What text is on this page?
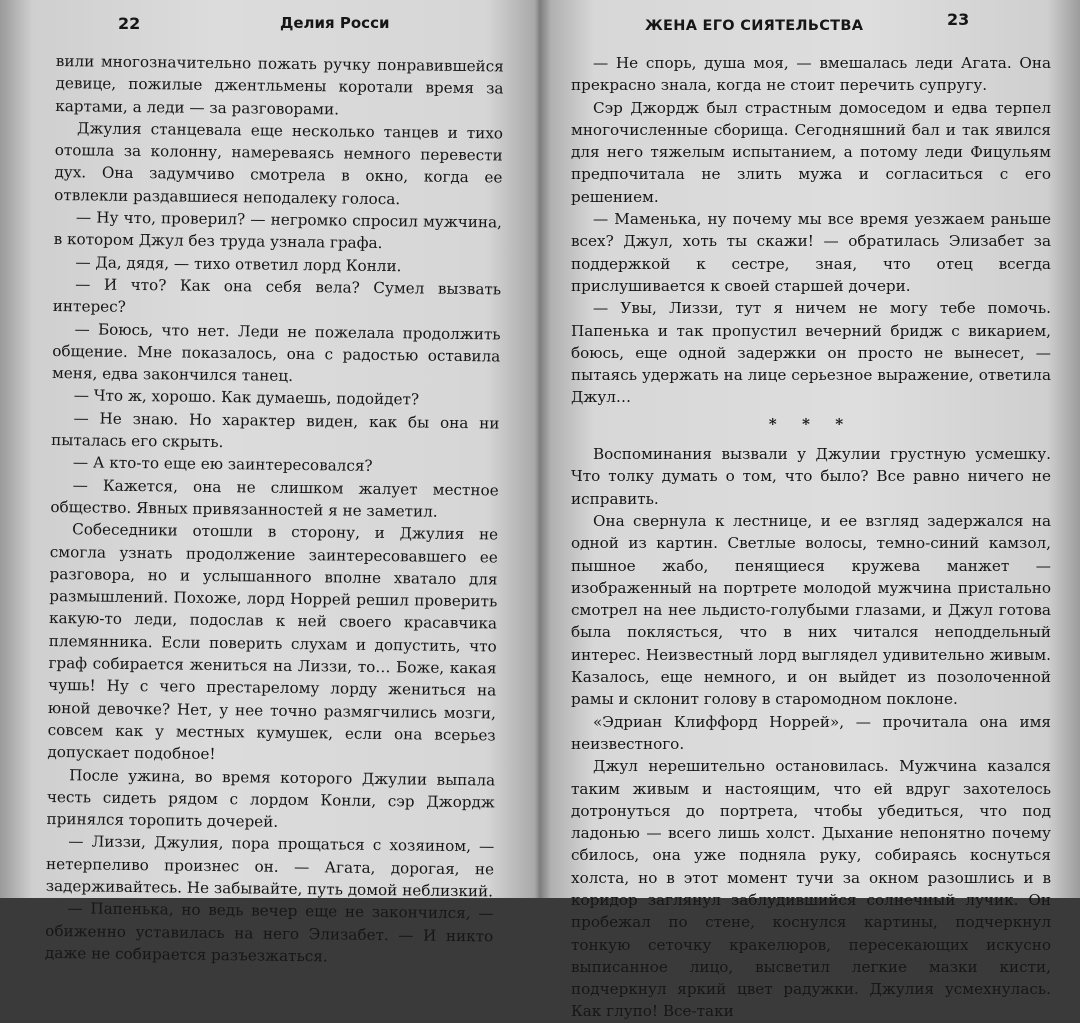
22	Делия Росси

вили многозначительно пожать ручку понравившейся девице, пожилые джентльмены коротали время за картами, а леди — за разговорами.

Джулия станцевала еще несколько танцев и тихо отошла за колонну, намереваясь немного перевести дух. Она задумчиво смотрела в окно, когда ее отвлекли раздавшиеся неподалеку голоса.

— Ну что, проверил? — негромко спросил мужчина, в котором Джул без труда узнала графа.

— Да, дядя, — тихо ответил лорд Конли.

— И что? Как она себя вела? Сумел вызвать интерес?

— Боюсь, что нет. Леди не пожелала продолжить общение. Мне показалось, она с радостью оставила меня, едва закончился танец.

— Что ж, хорошо. Как думаешь, подойдет?

— Не знаю. Но характер виден, как бы она ни пыталась его скрыть.

— А кто-то еще ею заинтересовался?

— Кажется, она не слишком жалует местное общество. Явных привязанностей я не заметил.

Собеседники отошли в сторону, и Джулия не смогла узнать продолжение заинтересовавшего ее разговора, но и услышанного вполне хватало для размышлений. Похоже, лорд Норрей решил проверить какую-то леди, подослав к ней своего красавчика племянника. Если поверить слухам и допустить, что граф собирается жениться на Лиззи, то… Боже, какая чушь! Ну с чего престарелому лорду жениться на юной девочке? Нет, у нее точно размягчились мозги, совсем как у местных кумушек, если она всерьез допускает подобное!

После ужина, во время которого Джулии выпала честь сидеть рядом с лордом Конли, сэр Джордж принялся торопить дочерей.

— Лиззи, Джулия, пора прощаться с хозяином, — нетерпеливо произнес он. — Агата, дорогая, не задерживайтесь. Не забывайте, путь домой неблизкий.

— Папенька, но ведь вечер еще не закончился, — обиженно уставилась на него Элизабет. — И никто даже не собирается разъезжаться.

ЖЕНА ЕГО СИЯТЕЛЬСТВА	23

— Не спорь, душа моя, — вмешалась леди Агата. Она прекрасно знала, когда не стоит перечить супругу.

Сэр Джордж был страстным домоседом и едва терпел многочисленные сборища. Сегодняшний бал и так явился для него тяжелым испытанием, а потому леди Фицульям предпочитала не злить мужа и согласиться с его решением.

— Маменька, ну почему мы все время уезжаем раньше всех? Джул, хоть ты скажи! — обратилась Элизабет за поддержкой к сестре, зная, что отец всегда прислушивается к своей старшей дочери.

— Увы, Лиззи, тут я ничем не могу тебе помочь. Папенька и так пропустил вечерний бридж с викарием, боюсь, еще одной задержки он просто не вынесет, — пытаясь удержать на лице серьезное выражение, ответила Джул…

* * *

Воспоминания вызвали у Джулии грустную усмешку. Что толку думать о том, что было? Все равно ничего не исправить.

Она свернула к лестнице, и ее взгляд задержался на одной из картин. Светлые волосы, темно-синий камзол, пышное жабо, пенящиеся кружева манжет — изображенный на портрете молодой мужчина пристально смотрел на нее льдисто-голубыми глазами, и Джул готова была поклясться, что в них читался неподдельный интерес. Неизвестный лорд выглядел удивительно живым. Казалось, еще немного, и он выйдет из позолоченной рамы и склонит голову в старомодном поклоне.

«Эдриан Клиффорд Норрей», — прочитала она имя неизвестного.

Джул нерешительно остановилась. Мужчина казался таким живым и настоящим, что ей вдруг захотелось дотронуться до портрета, чтобы убедиться, что под ладонью — всего лишь холст. Дыхание непонятно почему сбилось, она уже подняла руку, собираясь коснуться холста, но в этот момент тучи за окном разошлись и в коридор заглянул заблудившийся солнечный лучик. Он пробежал по стене, коснулся картины, подчеркнул тонкую сеточку кракелюров, пересекающих искусно выписанное лицо, высветил легкие мазки кисти, подчеркнул яркий цвет радужки. Джулия усмехнулась. Как глупо! Все-таки
